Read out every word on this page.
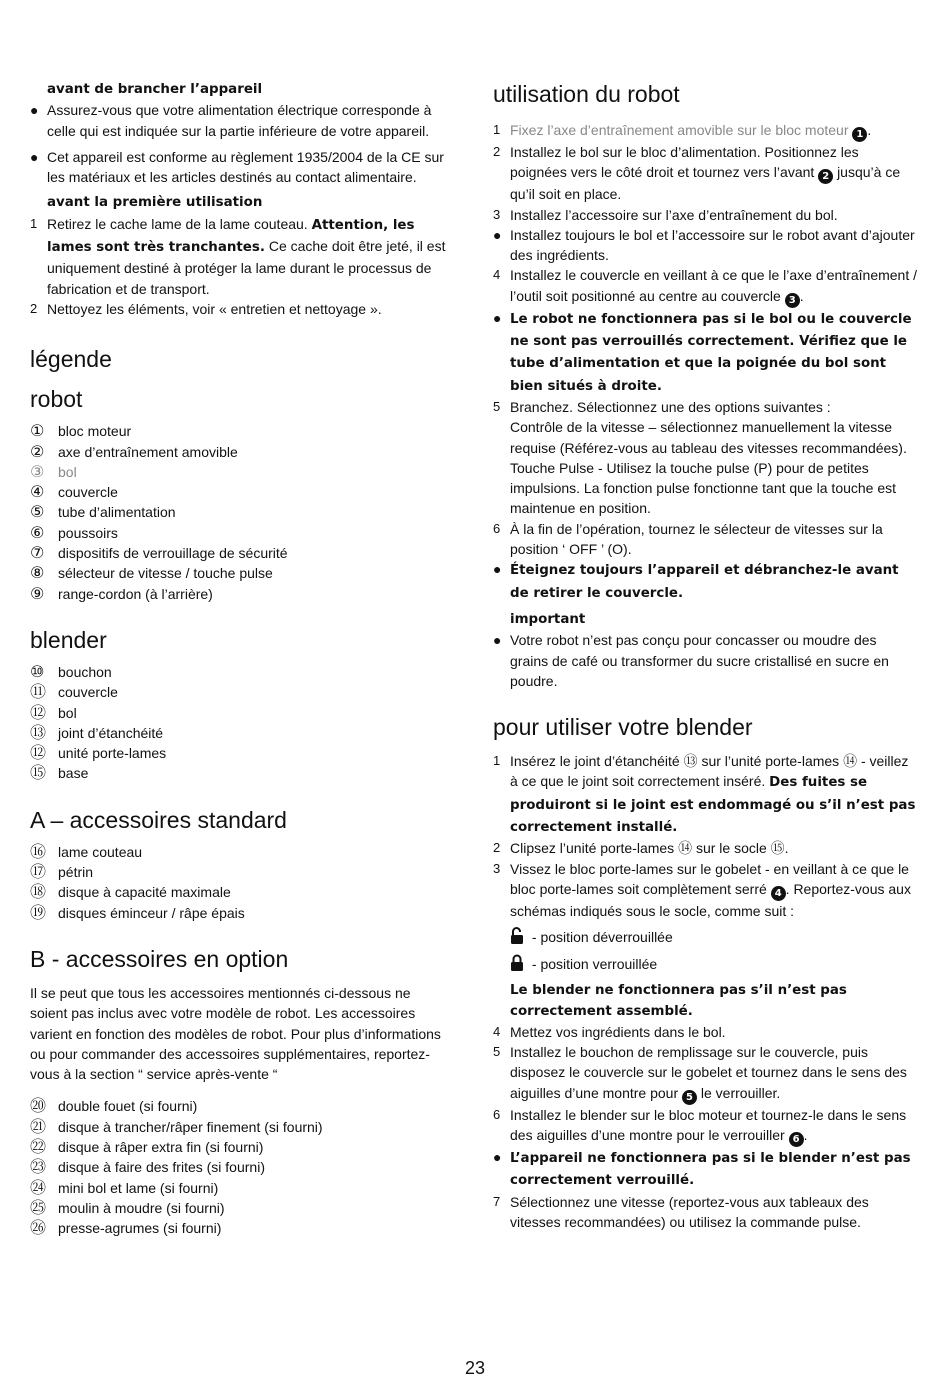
avant de brancher l’appareil

● Assurez-vous que votre alimentation électrique corresponde à celle qui est indiquée sur la partie inférieure de votre appareil.
● Cet appareil est conforme au règlement 1935/2004 de la CE sur les matériaux et les articles destinés au contact alimentaire.

avant la première utilisation

1 Retirez le cache lame de la lame couteau. Attention, les lames sont très tranchantes. Ce cache doit être jeté, il est uniquement destiné à protéger la lame durant le processus de fabrication et de transport.
2 Nettoyez les éléments, voir « entretien et nettoyage ».
légende
robot
① bloc moteur
② axe d’entraînement amovible
③ bol
④ couvercle
⑤ tube d’alimentation
⑥ poussoirs
⑦ dispositifs de verrouillage de sécurité
⑧ sélecteur de vitesse / touche pulse
⑨ range-cordon (à l’arrière)
blender
⑩ bouchon
⑪ couvercle
⑫ bol
⑬ joint d’étanchéité
⑫ unité porte-lames
⑮ base
A – accessoires standard
⑯ lame couteau
⑰ pétrin
⑱ disque à capacité maximale
⑲ disques éminceur / râpe épais
B - accessoires en option

Il se peut que tous les accessoires mentionnés ci-dessous ne soient pas inclus avec votre modèle de robot. Les accessoires varient en fonction des modèles de robot. Pour plus d’informations ou pour commander des accessoires supplémentaires, reportez-vous à la section “ service après-vente “

⑳ double fouet (si fourni)
㉑ disque à trancher/râper finement (si fourni)
㉒ disque à râper extra fin (si fourni)
㉓ disque à faire des frites (si fourni)
㉔ mini bol et lame (si fourni)
㉕ moulin à moudre (si fourni)
㉖ presse-agrumes (si fourni)
utilisation du robot
1 Fixez l’axe d’entraînement amovible sur le bloc moteur 1 .
2 Installez le bol sur le bloc d’alimentation. Positionnez les poignées vers le côté droit et tournez vers l’avant 2 jusqu’à ce qu’il soit en place.
3 Installez l’accessoire sur l’axe d’entraînement du bol.
● Installez toujours le bol et l’accessoire sur le robot avant d’ajouter des ingrédients.
4 Installez le couvercle en veillant à ce que le l’axe d’entraînement / l’outil soit positionné au centre au couvercle 3 .
● Le robot ne fonctionnera pas si le bol ou le couvercle ne sont pas verrouillés correctement. Vérifiez que le tube d’alimentation et que la poignée du bol sont bien situés à droite.
5 Branchez. Sélectionnez une des options suivantes :
Contrôle de la vitesse – sélectionnez manuellement la vitesse requise (Référez-vous au tableau des vitesses recommandées).
Touche Pulse - Utilisez la touche pulse (P) pour de petites impulsions. La fonction pulse fonctionne tant que la touche est maintenue en position.
6 À la fin de l’opération, tournez le sélecteur de vitesses sur la position ‘ OFF ’ (O).
● Éteignez toujours l’appareil et débranchez-le avant de retirer le couvercle.

important

● Votre robot n’est pas conçu pour concasser ou moudre des grains de café ou transformer du sucre cristallisé en sucre en poudre.
pour utiliser votre blender
1 Insérez le joint d’étanchéité ⑬ sur l’unité porte-lames ⑭ - veillez à ce que le joint soit correctement inséré. Des fuites se produiront si le joint est endommagé ou s’il n’est pas correctement installé.
2 Clipsez l’unité porte-lames ⑭ sur le socle ⑮.
3 Vissez le bloc porte-lames sur le gobelet - en veillant à ce que le bloc porte-lames soit complètement serré 4 . Reportez-vous aux schémas indiqués sous le socle, comme suit :
- position déverrouillée
- position verrouillée

Le blender ne fonctionnera pas s’il n’est pas correctement assemblé.

4 Mettez vos ingrédients dans le bol.
5 Installez le bouchon de remplissage sur le couvercle, puis disposez le couvercle sur le gobelet et tournez dans le sens des aiguilles d’une montre pour 5 le verrouiller.
6 Installez le blender sur le bloc moteur et tournez-le dans le sens des aiguilles d’une montre pour le verrouiller 6 .
● L’appareil ne fonctionnera pas si le blender n’est pas correctement verrouillé.
7 Sélectionnez une vitesse (reportez-vous aux tableaux des vitesses recommandées) ou utilisez la commande pulse.
23
